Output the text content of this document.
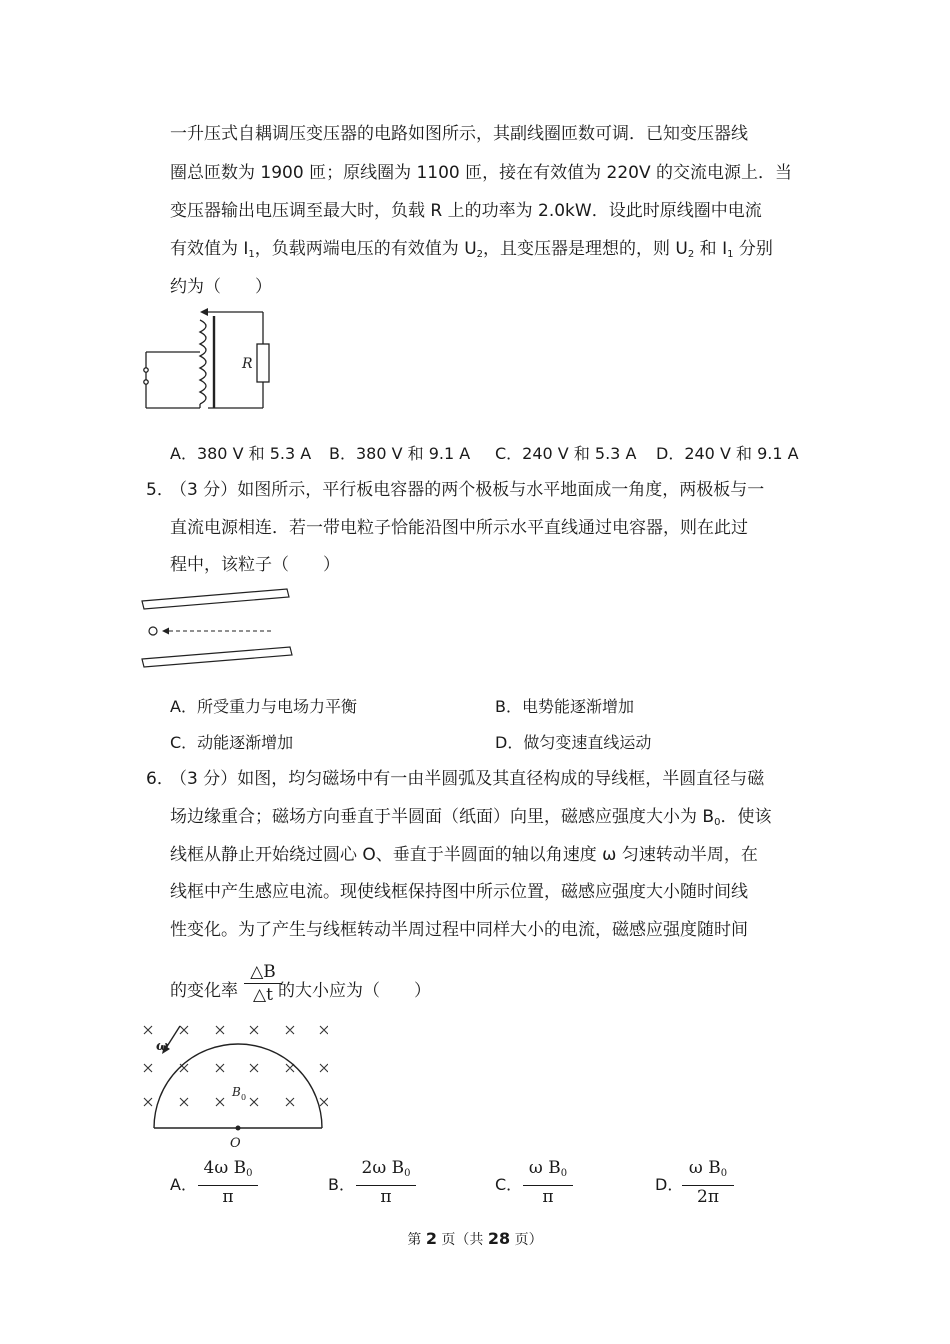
一升压式自耦调压变压器的电路如图所示，其副线圈匝数可调．已知变压器线
圈总匝数为 1900 匝；原线圈为 1100 匝，接在有效值为 220V 的交流电源上．当
变压器输出电压调至最大时，负载 R 上的功率为 2.0kW．设此时原线圈中电流
有效值为 $I_1$，负载两端电压的有效值为 $U_2$，且变压器是理想的，则 $U_2$ 和 $I_1$ 分别
约为（　　）
R
A．380 V 和 5.3 A B．380 V 和 9.1 A C．240 V 和 5.3 A D．240 V 和 9.1 A
5．
（3 分）如图所示，平行板电容器的两个极板与水平地面成一角度，两极板与一
直流电源相连．若一带电粒子恰能沿图中所示水平直线通过电容器，则在此过
程中，该粒子（　　）
A．所受重力与电场力平衡	B．电势能逐渐增加
C．动能逐渐增加	D．做匀变速直线运动
6．
（3 分）如图，均匀磁场中有一由半圆弧及其直径构成的导线框，半圆直径与磁
场边缘重合；磁场方向垂直于半圆面（纸面）向里，磁感应强度大小为 $B_0$．使该
线框从静止开始绕过圆心 O、垂直于半圆面的轴以角速度 ω 匀速转动半周，在
线框中产生感应电流。现使线框保持图中所示位置，磁感应强度大小随时间线
性变化。为了产生与线框转动半周过程中同样大小的电流，磁感应强度随时间
的变化率 的大小应为（　　）
△B
△t
ω
B 0
O
A．
4ω $B_0$
π
B．
2ω $B_0$
π
C．
ω $B_0$
π
D．
ω $B_0$
2π
第 2 页（共 28 页）
